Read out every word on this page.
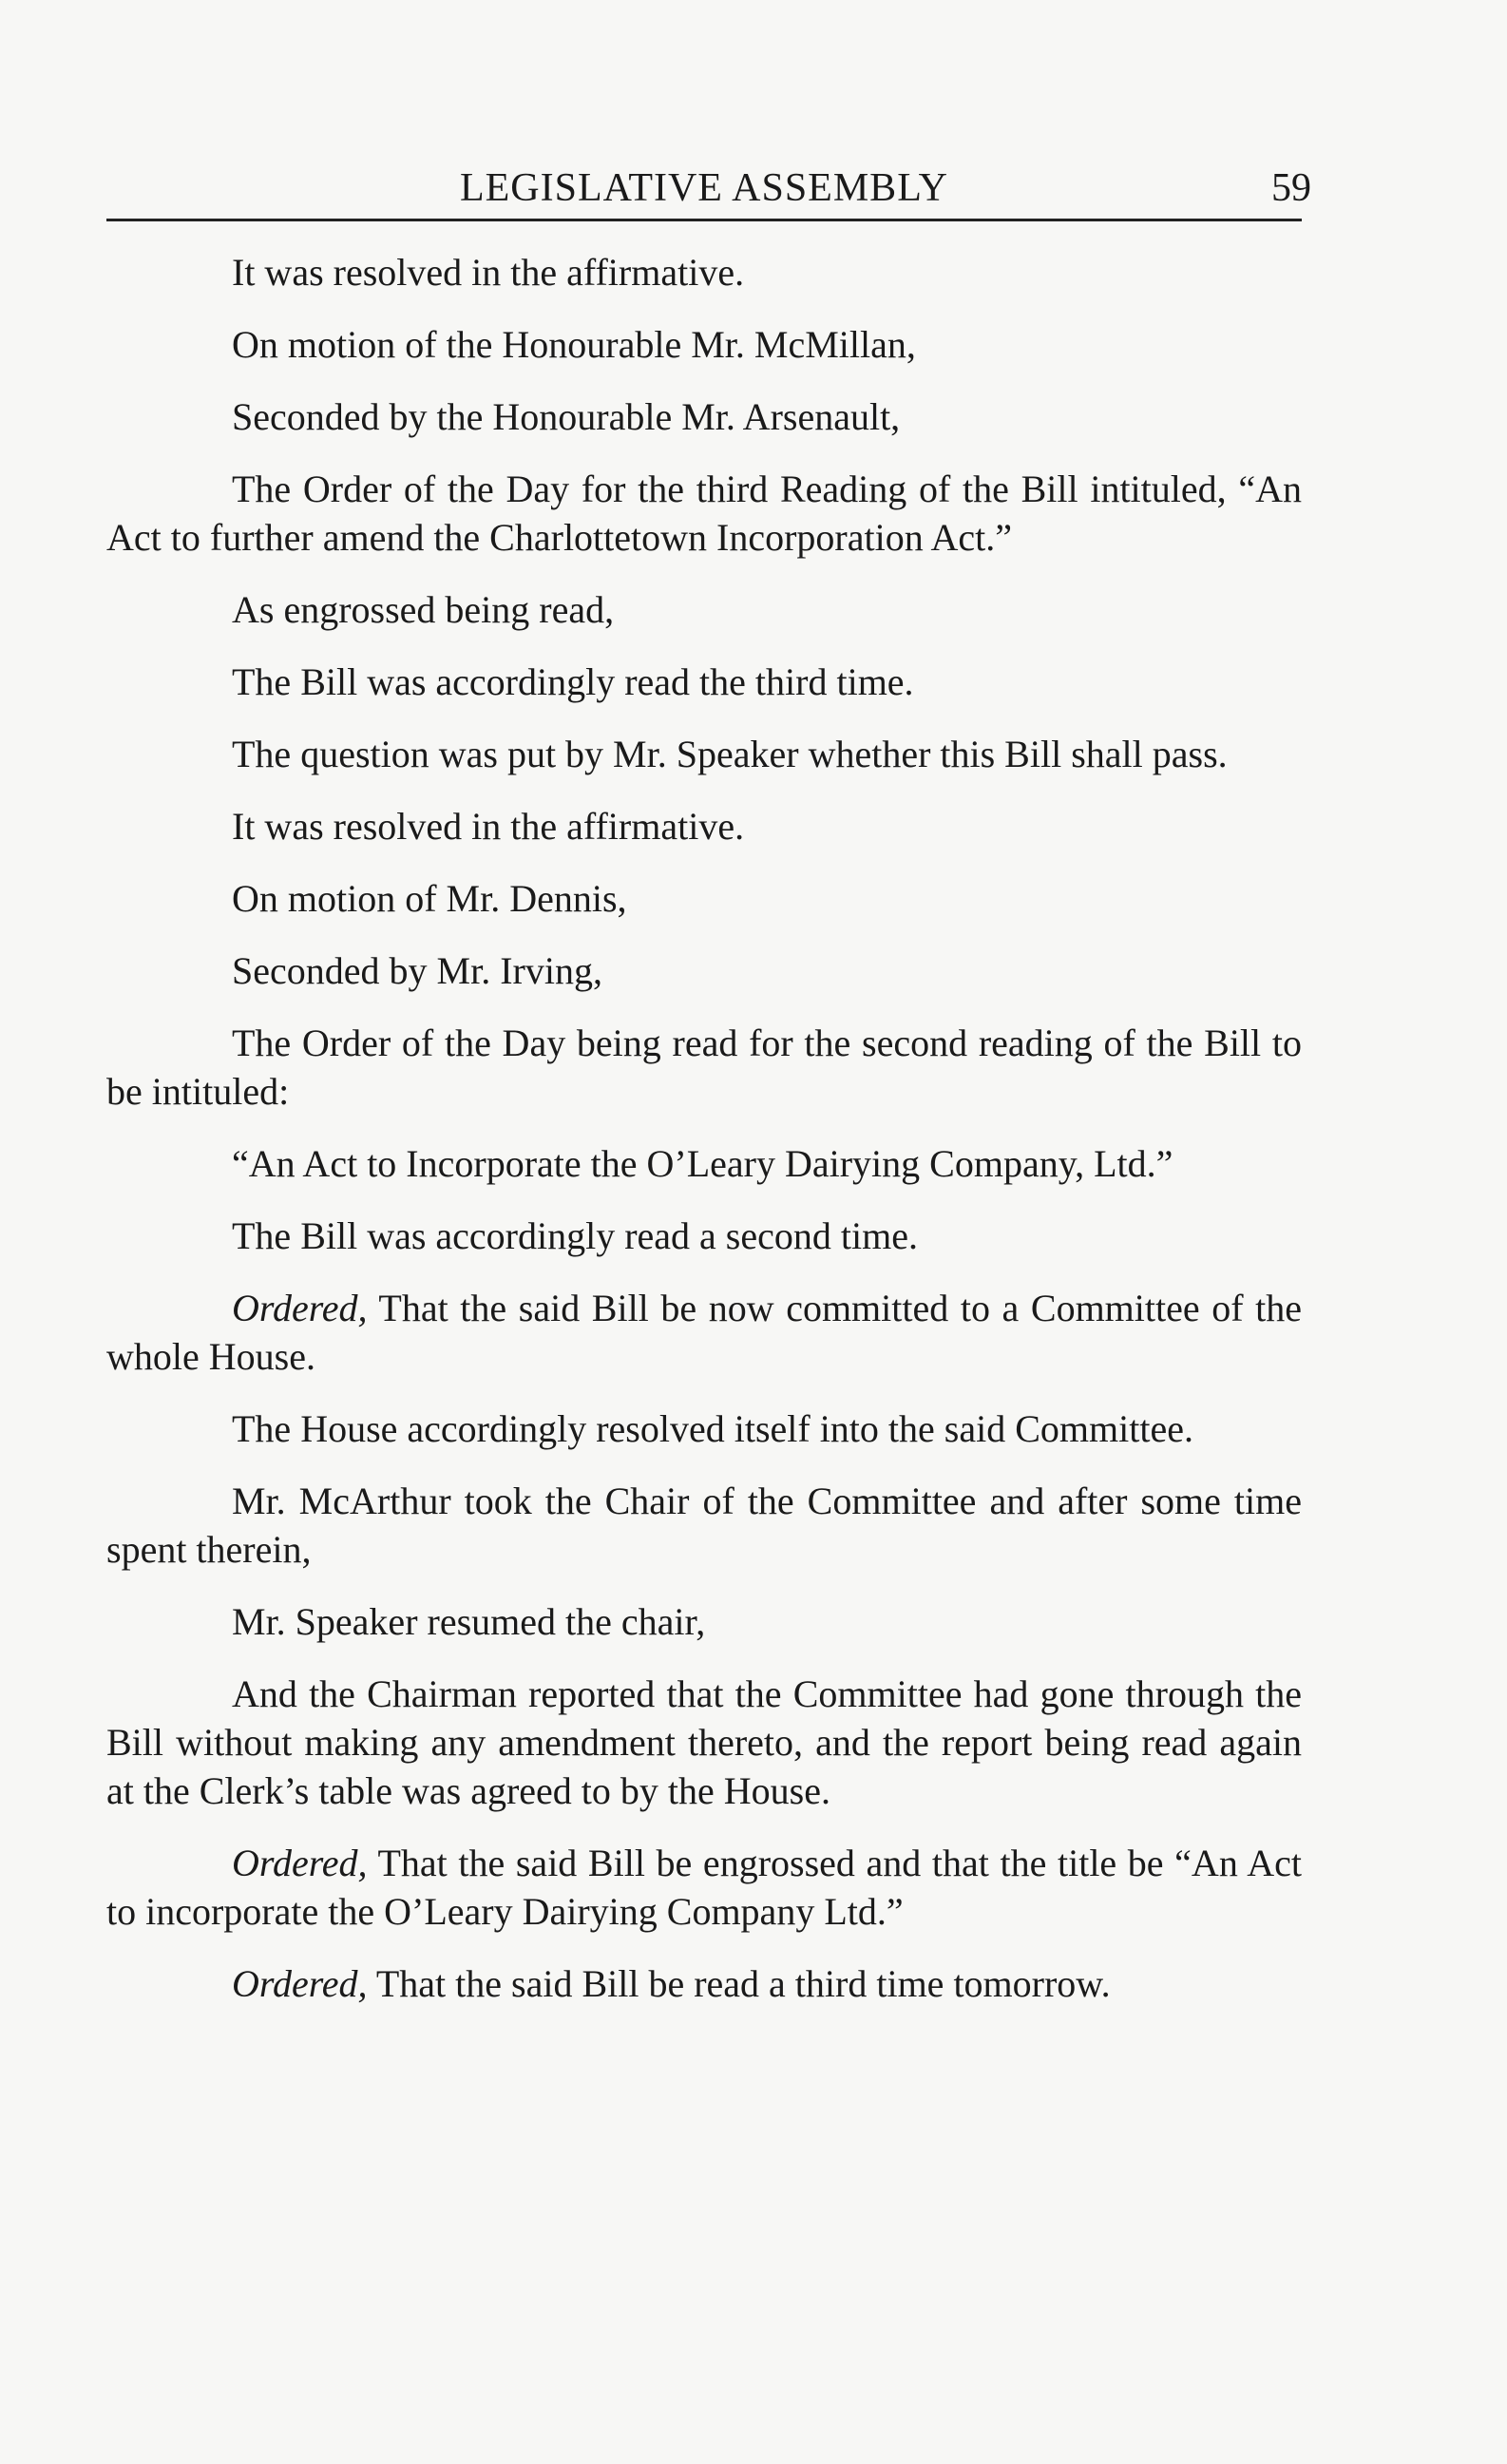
LEGISLATIVE ASSEMBLY	59

It was resolved in the affirmative.

On motion of the Honourable Mr. McMillan,

Seconded by the Honourable Mr. Arsenault,

The Order of the Day for the third Reading of the Bill intituled, “An Act to further amend the Charlottetown Incorporation Act.”

As engrossed being read,

The Bill was accordingly read the third time.

The question was put by Mr. Speaker whether this Bill shall pass.

It was resolved in the affirmative.

On motion of Mr. Dennis,

Seconded by Mr. Irving,

The Order of the Day being read for the second reading of the Bill to be intituled:

“An Act to Incorporate the O’Leary Dairying Company, Ltd.”

The Bill was accordingly read a second time.

Ordered, That the said Bill be now committed to a Committee of the whole House.

The House accordingly resolved itself into the said Committee.

Mr. McArthur took the Chair of the Committee and after some time spent therein,

Mr. Speaker resumed the chair,

And the Chairman reported that the Committee had gone through the Bill without making any amendment thereto, and the report being read again at the Clerk’s table was agreed to by the House.

Ordered, That the said Bill be engrossed and that the title be “An Act to incorporate the O’Leary Dairying Company Ltd.”

Ordered, That the said Bill be read a third time tomorrow.
